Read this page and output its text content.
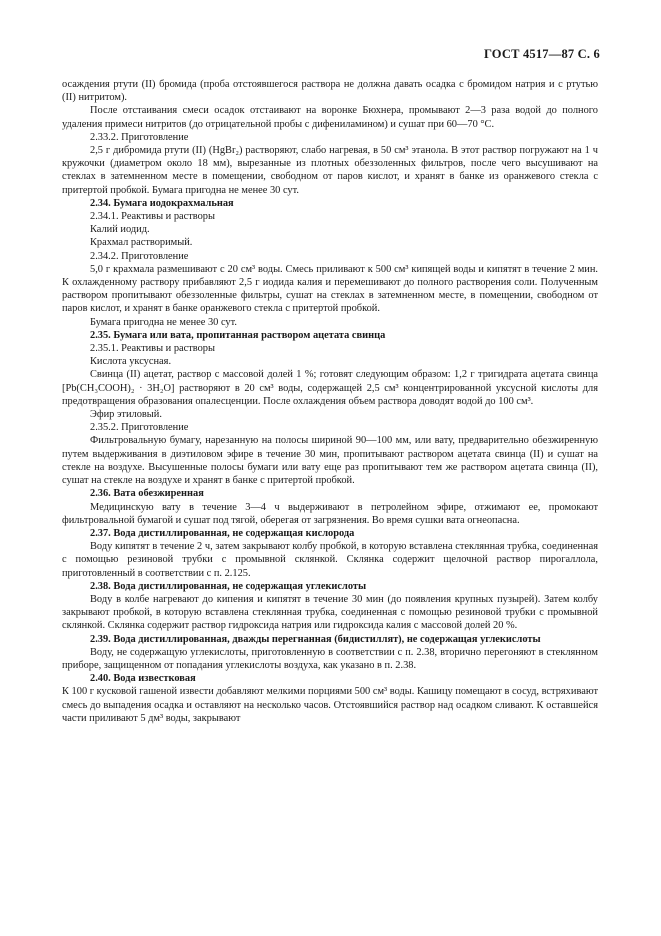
ГОСТ 4517—87 С. 6

осаждения ртути (II) бромида (проба отстоявшегося раствора не должна давать осадка с бромидом натрия и с ртутью (II) нитритом).

После отстаивания смеси осадок отстаивают на воронке Бюхнера, промывают 2—3 раза водой до полного удаления примеси нитритов (до отрицательной пробы с дифениламином) и сушат при 60—70 °С.

2.33.2. Приготовление

2,5 г дибромида ртути (II) (HgBr₂) растворяют, слабо нагревая, в 50 см³ этанола. В этот раствор погружают на 1 ч кружочки (диаметром около 18 мм), вырезанные из плотных обеззоленных фильтров, после чего высушивают на стеклах в затемненном месте в помещении, свободном от паров кислот, и хранят в банке из оранжевого стекла с притертой пробкой. Бумага пригодна не менее 30 сут.

2.34. Бумага иодокрахмальная

2.34.1. Реактивы и растворы

Калий иодид.

Крахмал растворимый.

2.34.2. Приготовление

5,0 г крахмала размешивают с 20 см³ воды. Смесь приливают к 500 см³ кипящей воды и кипятят в течение 2 мин. К охлажденному раствору прибавляют 2,5 г иодида калия и перемешивают до полного растворения соли. Полученным раствором пропитывают обеззоленные фильтры, сушат на стеклах в затемненном месте, в помещении, свободном от паров кислот, и хранят в банке оранжевого стекла с притертой пробкой.

Бумага пригодна не менее 30 сут.

2.35. Бумага или вата, пропитанная раствором ацетата свинца

2.35.1. Реактивы и растворы

Кислота уксусная.

Свинца (II) ацетат, раствор с массовой долей 1 %; готовят следующим образом: 1,2 г тригидрата ацетата свинца [Pb(CH₃COOH)₂ · 3H₂O] растворяют в 20 см³ воды, содержащей 2,5 см³ концентрированной уксусной кислоты для предотвращения образования опалесценции. После охлаждения объем раствора доводят водой до 100 см³.

Эфир этиловый.

2.35.2. Приготовление

Фильтровальную бумагу, нарезанную на полосы шириной 90—100 мм, или вату, предварительно обезжиренную путем выдерживания в диэтиловом эфире в течение 30 мин, пропитывают раствором ацетата свинца (II) и сушат на стекле на воздухе. Высушенные полосы бумаги или вату еще раз пропитывают тем же раствором ацетата свинца (II), сушат на стекле на воздухе и хранят в банке с притертой пробкой.

2.36. Вата обезжиренная

Медицинскую вату в течение 3—4 ч выдерживают в петролейном эфире, отжимают ее, промокают фильтровальной бумагой и сушат под тягой, оберегая от загрязнения. Во время сушки вата огнеопасна.

2.37. Вода дистиллированная, не содержащая кислорода

Воду кипятят в течение 2 ч, затем закрывают колбу пробкой, в которую вставлена стеклянная трубка, соединенная с помощью резиновой трубки с промывной склянкой. Склянка содержит щелочной раствор пирогаллола, приготовленный в соответствии с п. 2.125.

2.38. Вода дистиллированная, не содержащая углекислоты

Воду в колбе нагревают до кипения и кипятят в течение 30 мин (до появления крупных пузырей). Затем колбу закрывают пробкой, в которую вставлена стеклянная трубка, соединенная с помощью резиновой трубки с промывной склянкой. Склянка содержит раствор гидроксида натрия или гидроксида калия с массовой долей 20 %.

2.39. Вода дистиллированная, дважды перегнанная (бидистиллят), не содержащая углекислоты

Воду, не содержащую углекислоты, приготовленную в соответствии с п. 2.38, вторично перегоняют в стеклянном приборе, защищенном от попадания углекислоты воздуха, как указано в п. 2.38.

2.40. Вода известковая

К 100 г кусковой гашеной извести добавляют мелкими порциями 500 см³ воды. Кашицу помещают в сосуд, встряхивают смесь до выпадения осадка и оставляют на несколько часов. Отстоявшийся раствор над осадком сливают. К оставшейся части приливают 5 дм³ воды, закрывают
